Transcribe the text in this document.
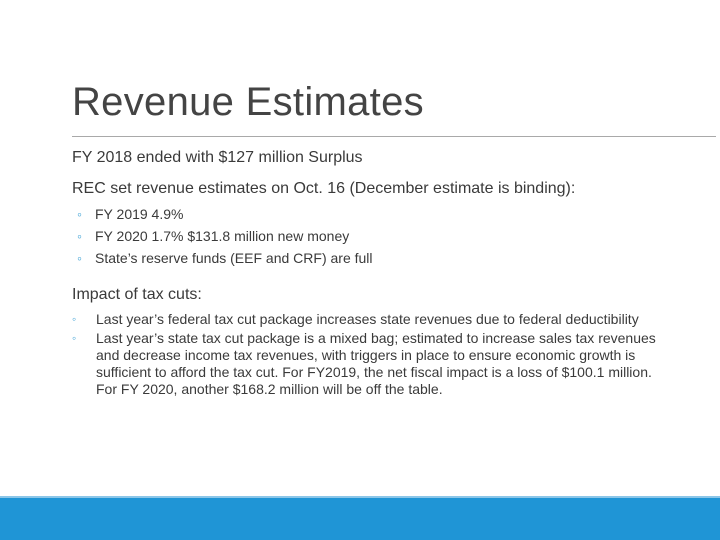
Revenue Estimates
FY 2018 ended with $127 million Surplus
REC set revenue estimates on Oct. 16 (December estimate is binding):
◦ FY 2019 4.9%
◦ FY 2020 1.7% $131.8 million new money
◦ State’s reserve funds (EEF and CRF) are full
Impact of tax cuts:
◦ Last year’s federal tax cut package increases state revenues due to federal deductibility
◦ Last year’s state tax cut package is a mixed bag; estimated to increase sales tax revenues and decrease income tax revenues, with triggers in place to ensure economic growth is sufficient to afford the tax cut. For FY2019, the net fiscal impact is a loss of $100.1 million. For FY 2020, another $168.2 million will be off the table.
